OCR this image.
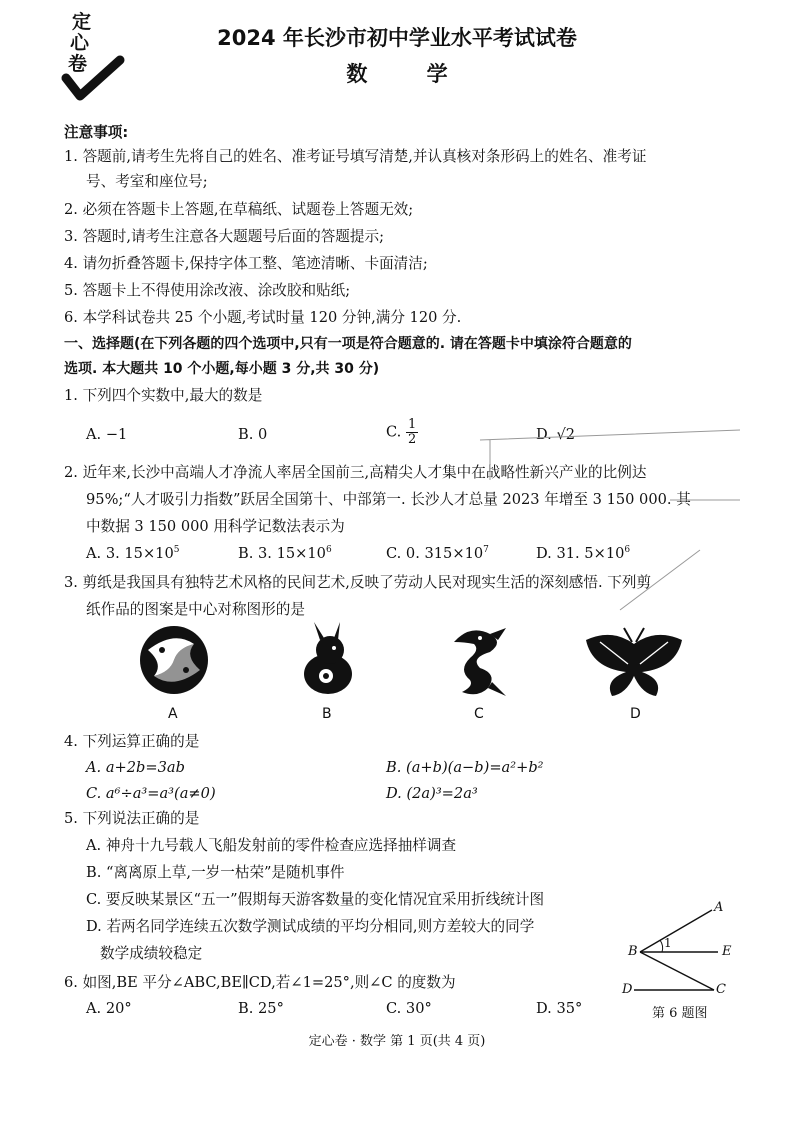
定
心
卷
2024 年长沙市初中学业水平考试试卷
数 学
注意事项:
1. 答题前,请考生先将自己的姓名、准考证号填写清楚,并认真核对条形码上的姓名、准考证
号、考室和座位号;
2. 必须在答题卡上答题,在草稿纸、试题卷上答题无效;
3. 答题时,请考生注意各大题题号后面的答题提示;
4. 请勿折叠答题卡,保持字体工整、笔迹清晰、卡面清洁;
5. 答题卡上不得使用涂改液、涂改胶和贴纸;
6. 本学科试卷共 25 个小题,考试时量 120 分钟,满分 120 分.
一、选择题(在下列各题的四个选项中,只有一项是符合题意的. 请在答题卡中填涂符合题意的
选项. 本大题共 10 个小题,每小题 3 分,共 30 分)
1. 下列四个实数中,最大的数是
A. −1	B. 0	C. $\frac{1}{2}$	D. √2
2. 近年来,长沙中高端人才净流人率居全国前三,高精尖人才集中在战略性新兴产业的比例达
95%;“人才吸引力指数”跃居全国第十、中部第一. 长沙人才总量 2023 年增至 3 150 000. 其
中数据 3 150 000 用科学记数法表示为
A. 3. $15\times 10^5$	B. 3. $15\times 10^6$	C. 0. $315\times 10^7$	D. 31. $5\times 10^6$
3. 剪纸是我国具有独特艺术风格的民间艺术,反映了劳动人民对现实生活的深刻感悟. 下列剪
纸作品的图案是中心对称图形的是
A	B	C	D
4. 下列运算正确的是
A. a+2b=3ab	B. (a+b)(a−b)=a²+b²
C. a⁶÷a³=a³(a≠0)	D. (2a)³=2a³
5. 下列说法正确的是
A. 神舟十九号载人飞船发射前的零件检查应选择抽样调查
B. “离离原上草,一岁一枯荣”是随机事件
C. 要反映某景区“五一”假期每天游客数量的变化情况宜采用折线统计图
D. 若两名同学连续五次数学测试成绩的平均分相同,则方差较大的同学
数学成绩较稳定
A
B
1
E
D	C
第 6 题图
6. 如图,BE 平分∠ABC,BE∥CD,若∠1=25°,则∠C 的度数为
A. 20°	B. 25°	C. 30°	D. 35°
定心卷 · 数学 第 1 页(共 4 页)
